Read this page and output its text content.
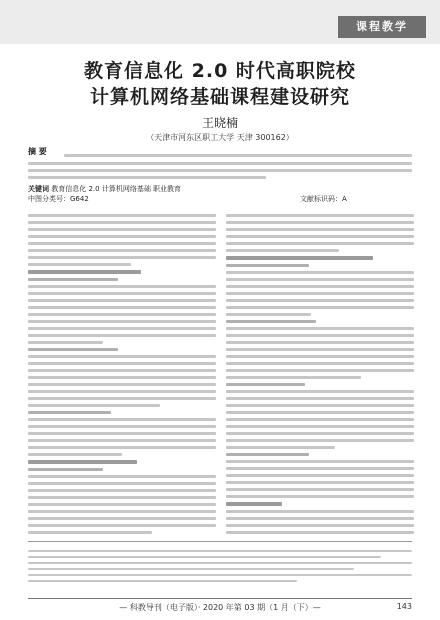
课程教学
教育信息化 2.0 时代高职院校
计算机网络基础课程建设研究
王晓楠
（天津市河东区职工大学 天津 300162）
摘 要
关键词 教育信息化 2.0 计算机网络基础 职业教育
中图分类号：G642	文献标识码：A
— 科教导刊（电子版）· 2020 年第 03 期（1 月（下）—	143
